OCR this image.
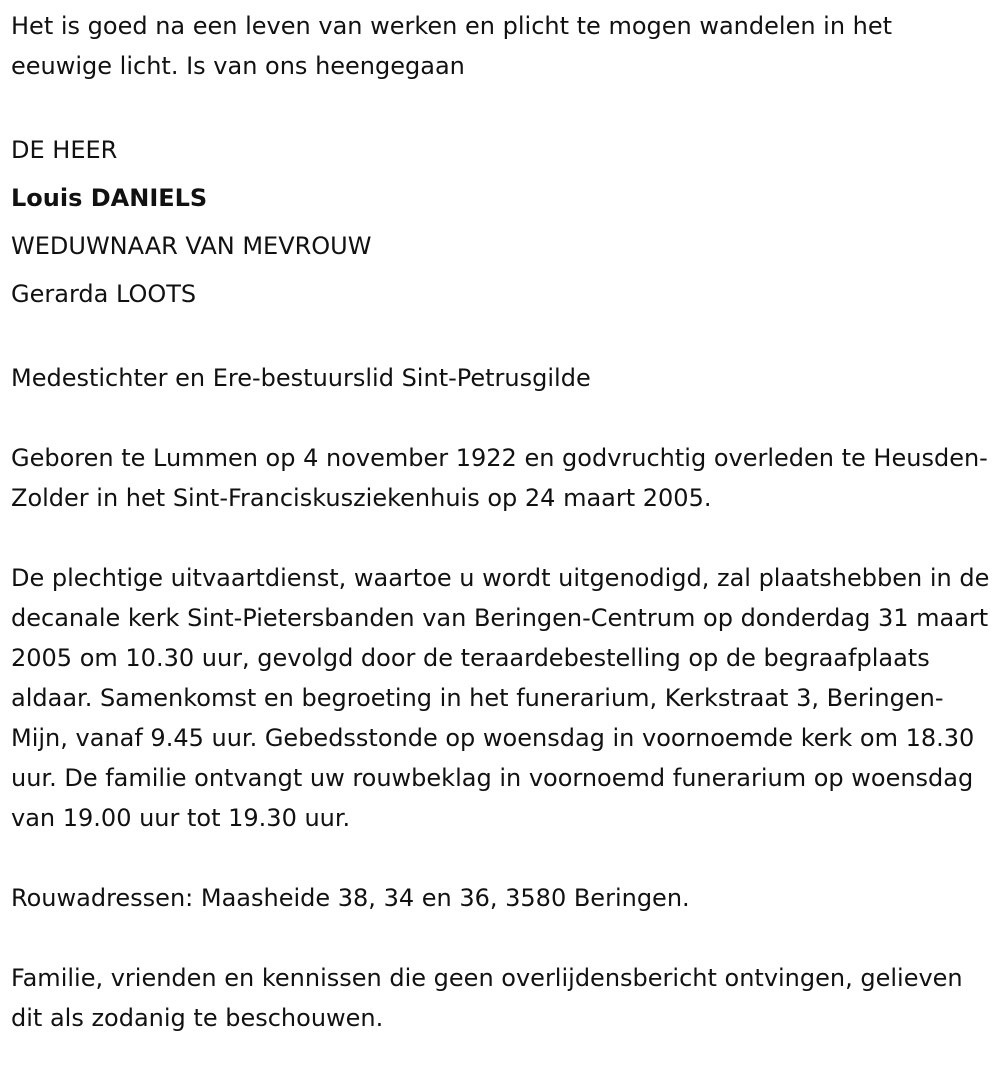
Het is goed na een leven van werken en plicht te mogen wandelen in het eeuwige licht. Is van ons heengegaan

DE HEER

Louis DANIELS

WEDUWNAAR VAN MEVROUW

Gerarda LOOTS

Medestichter en Ere-bestuurslid Sint-Petrusgilde

Geboren te Lummen op 4 november 1922 en godvruchtig overleden te Heusden-Zolder in het Sint-Franciskusziekenhuis op 24 maart 2005.

De plechtige uitvaartdienst, waartoe u wordt uitgenodigd, zal plaatshebben in de decanale kerk Sint-Pietersbanden van Beringen-Centrum op donderdag 31 maart 2005 om 10.30 uur, gevolgd door de teraardebestelling op de begraafplaats aldaar. Samenkomst en begroeting in het funerarium, Kerkstraat 3, Beringen-Mijn, vanaf 9.45 uur. Gebedsstonde op woensdag in voornoemde kerk om 18.30 uur. De familie ontvangt uw rouwbeklag in voornoemd funerarium op woensdag van 19.00 uur tot 19.30 uur.

Rouwadressen: Maasheide 38, 34 en 36, 3580 Beringen.

Familie, vrienden en kennissen die geen overlijdensbericht ontvingen, gelieven dit als zodanig te beschouwen.
